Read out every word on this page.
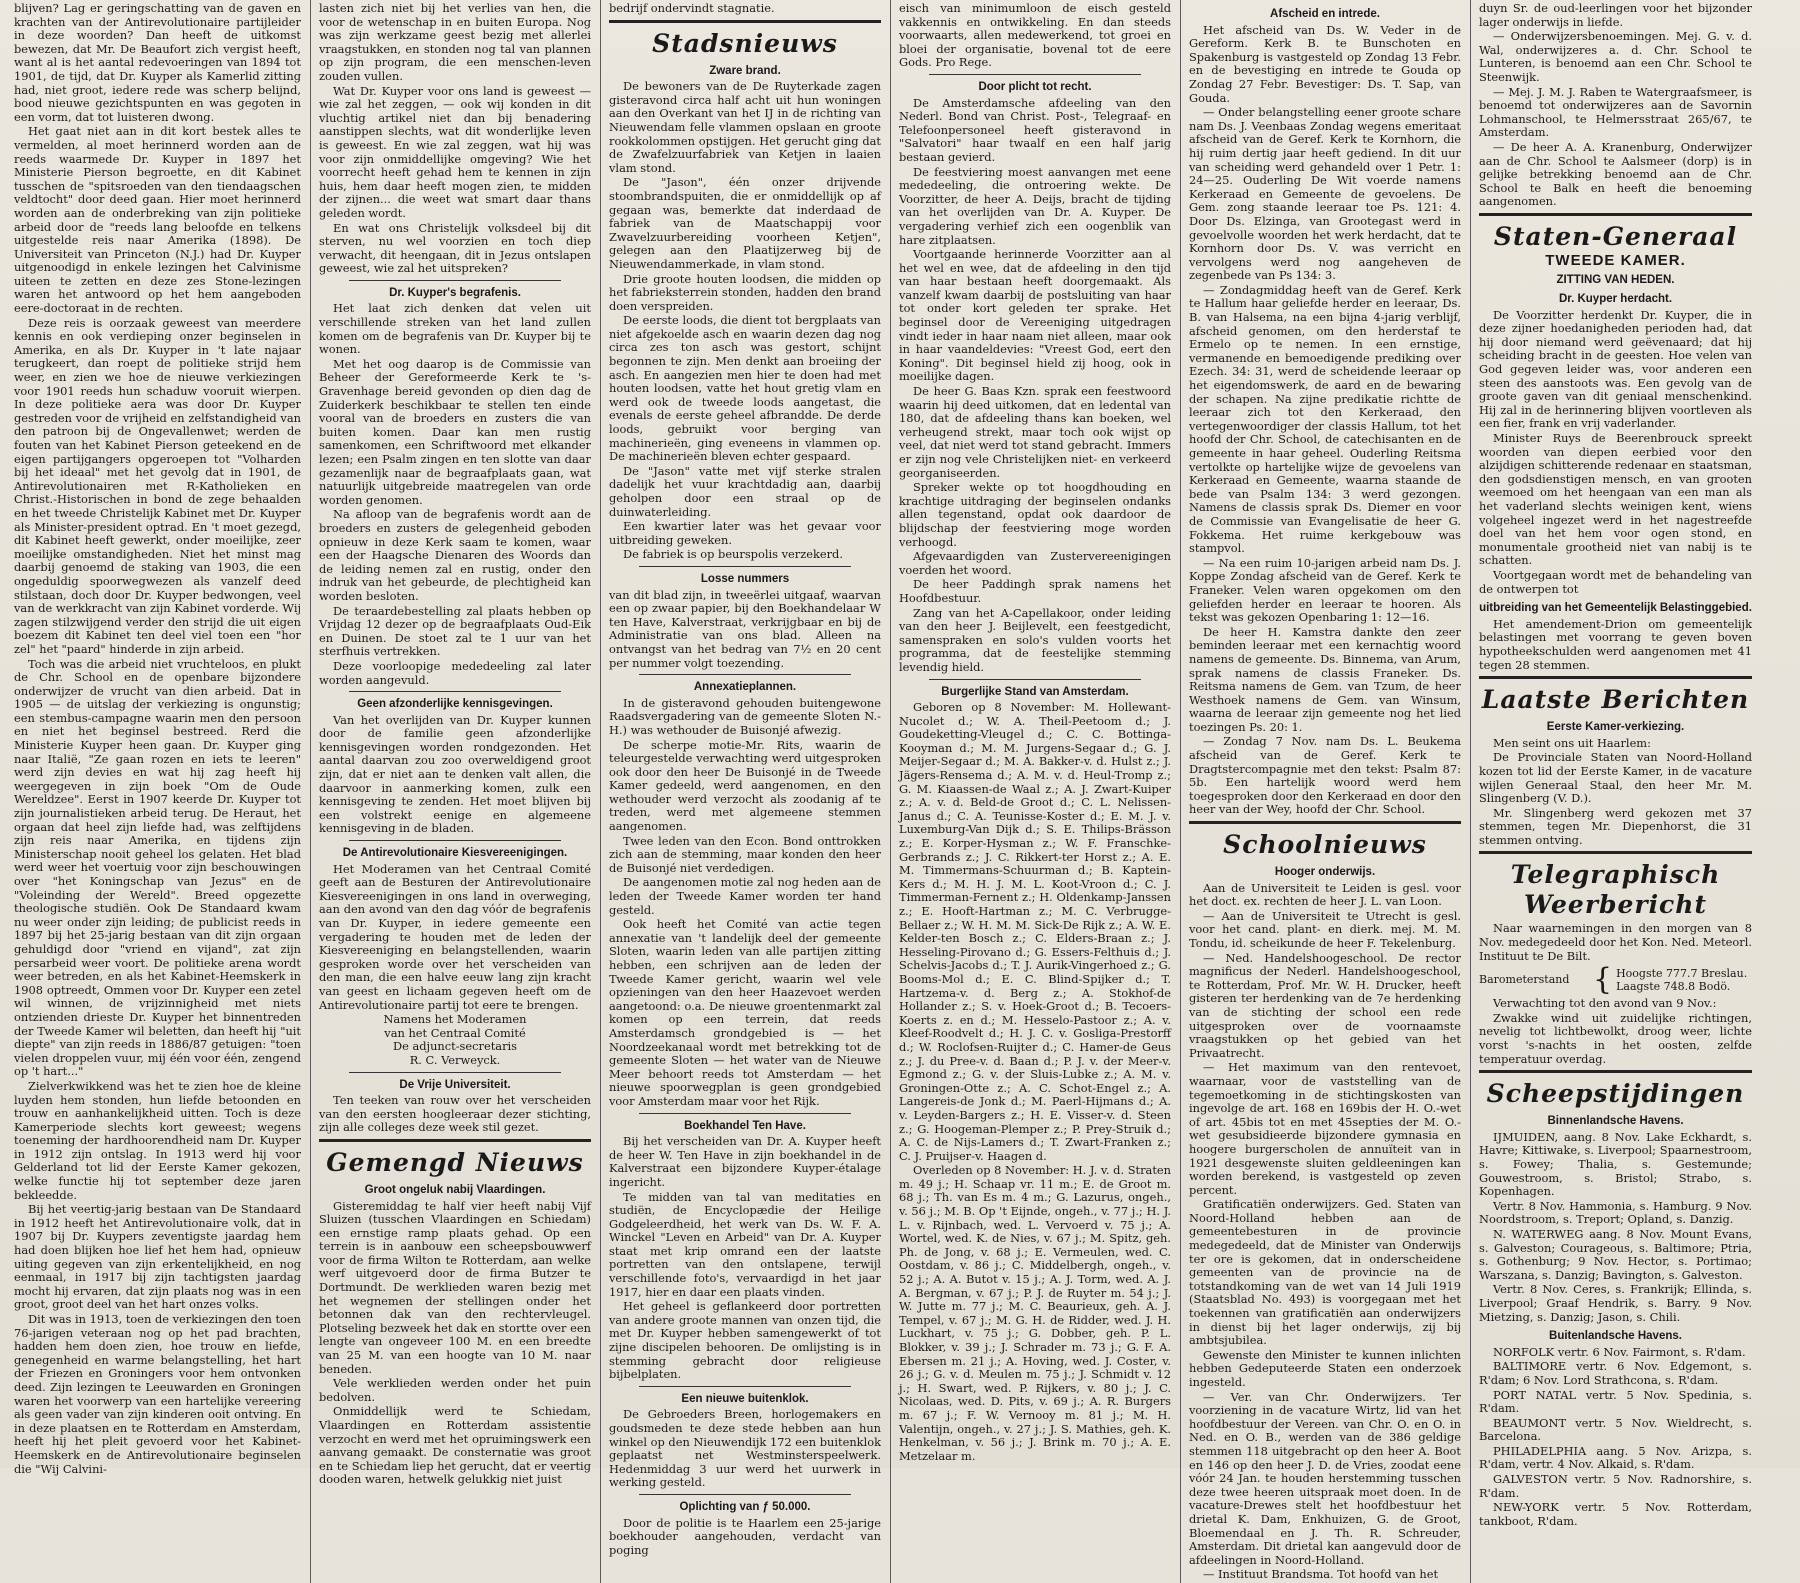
blijven? Lag er geringschatting van de gaven en krachten van der Antirevolutionaire partijleider in deze woorden? Dan heeft de uitkomst bewezen, dat Mr. De Beaufort zich vergist heeft, want al is het aantal redevoeringen van 1894 tot 1901, de tijd, dat Dr. Kuyper als Kamerlid zitting had, niet groot, iedere rede was scherp belijnd, bood nieuwe gezichtspunten en was gegoten in een vorm, dat tot luisteren dwong.

Het gaat niet aan in dit kort bestek alles te vermelden, al moet herinnerd worden aan de reeds waarmede Dr. Kuyper in 1897 het Ministerie Pierson begroette, en dit Kabinet tusschen de "spitsroeden van den tiendaagschen veldtocht" door deed gaan. Hier moet herinnerd worden aan de onderbreking van zijn politieke arbeid door de "reeds lang beloofde en telkens uitgestelde reis naar Amerika (1898). De Universiteit van Princeton (N.J.) had Dr. Kuyper uitgenoodigd in enkele lezingen het Calvinisme uiteen te zetten en deze zes Stone-lezingen waren het antwoord op het hem aangeboden eere-doctoraat in de rechten.

Deze reis is oorzaak geweest van meerdere kennis en ook verdieping onzer beginselen in Amerika, en als Dr. Kuyper in 't late najaar terugkeert, dan roept de politieke strijd hem weer, en zien we hoe de nieuwe verkiezingen voor 1901 reeds hun schaduw vooruit wierpen. In deze politieke aera was door Dr. Kuyper gestreden voor de vrijheid en zelfstandigheid van den patroon bij de Ongevallenwet; werden de fouten van het Kabinet Pierson geteekend en de eigen partijgangers opgeroepen tot "Volharden bij het ideaal" met het gevolg dat in 1901, de Antirevolutionairen met R-Katholieken en Christ.-Historischen in bond de zege behaalden en het tweede Christelijk Kabinet met Dr. Kuyper als Minister-president optrad. En 't moet gezegd, dit Kabinet heeft gewerkt, onder moeilijke, zeer moeilijke omstandigheden. Niet het minst mag daarbij genoemd de staking van 1903, die een ongeduldig spoorwegwezen als vanzelf deed stilstaan, doch door Dr. Kuyper bedwongen, veel van de werkkracht van zijn Kabinet vorderde. Wij zagen stilzwijgend verder den strijd die uit eigen boezem dit Kabinet ten deel viel toen een "hor zel" het "paard" hinderde in zijn arbeid.

Toch was die arbeid niet vruchteloos, en plukt de Chr. School en de openbare bijzondere onderwijzer de vrucht van dien arbeid. Dat in 1905 — de uitslag der verkiezing is ongunstig; een stembus-campagne waarin men den persoon en niet het beginsel bestreed. Rerd die Ministerie Kuyper heen gaan. Dr. Kuyper ging naar Italië, "Ze gaan rozen en iets te leeren" werd zijn devies en wat hij zag heeft hij weergegeven in zijn boek "Om de Oude Wereldzee". Eerst in 1907 keerde Dr. Kuyper tot zijn journalistieken arbeid terug. De Heraut, het orgaan dat heel zijn liefde had, was zelftijdens zijn reis naar Amerika, en tijdens zijn Ministerschap nooit geheel los gelaten. Het blad werd weer het voertuig voor zijn beschouwingen over "het Koningschap van Jezus" en de "Voleinding der Wereld". Breed opgezette theologische studiën. Ook De Standaard kwam nu weer onder zijn leiding; de publicist reeds in 1897 bij het 25-jarig bestaan van dit zijn orgaan gehuldigd door "vriend en vijand", zat zijn persarbeid weer voort. De politieke arena wordt weer betreden, en als het Kabinet-Heemskerk in 1908 optreedt, Ommen voor Dr. Kuyper een zetel wil winnen, de vrijzinnigheid met niets ontzienden drieste Dr. Kuyper het binnentreden der Tweede Kamer wil beletten, dan heeft hij "uit diepte" van zijn reeds in 1886/87 getuigen: "toen vielen droppelen vuur, mij één voor één, zengend op 't hart..."

Zielverkwikkend was het te zien hoe de kleine luyden hem stonden, hun liefde betoonden en trouw en aanhankelijkheid uitten. Toch is deze Kamerperiode slechts kort geweest; wegens toeneming der hardhoorendheid nam Dr. Kuyper in 1912 zijn ontslag. In 1913 werd hij voor Gelderland tot lid der Eerste Kamer gekozen, welke functie hij tot september deze jaren bekleedde.

Bij het veertig-jarig bestaan van De Standaard in 1912 heeft het Antirevolutionaire volk, dat in 1907 bij Dr. Kuypers zeventigste jaardag hem had doen blijken hoe lief het hem had, opnieuw uiting gegeven van zijn erkentelijkheid, en nog eenmaal, in 1917 bij zijn tachtigsten jaardag mocht hij ervaren, dat zijn plaats nog was in een groot, groot deel van het hart onzes volks.

Dit was in 1913, toen de verkiezingen den toen 76-jarigen veteraan nog op het pad brachten, hadden hem doen zien, hoe trouw en liefde, genegenheid en warme belangstelling, het hart der Friezen en Groningers voor hem ontvonken deed. Zijn lezingen te Leeuwarden en Groningen waren het voorwerp van een hartelijke vereering als geen vader van zijn kinderen ooit ontving. En in deze plaatsen en te Rotterdam en Amsterdam, heeft hij het pleit gevoerd voor het Kabinet-Heemskerk en de Antirevolutionaire beginselen die "Wij Calvini-

lasten zich niet bij het verlies van hen, die voor de wetenschap in en buiten Europa. Nog was zijn werkzame geest bezig met allerlei vraagstukken, en stonden nog tal van plannen op zijn program, die een menschen-leven zouden vullen.

Wat Dr. Kuyper voor ons land is geweest — wie zal het zeggen, — ook wij konden in dit vluchtig artikel niet dan bij benadering aanstippen slechts, wat dit wonderlijke leven is geweest. En wie zal zeggen, wat hij was voor zijn onmiddellijke omgeving? Wie het voorrecht heeft gehad hem te kennen in zijn huis, hem daar heeft mogen zien, te midden der zijnen... die weet wat smart daar thans geleden wordt.

En wat ons Christelijk volksdeel bij dit sterven, nu wel voorzien en toch diep verwacht, dit heengaan, dit in Jezus ontslapen geweest, wie zal het uitspreken?

Dr. Kuyper's begrafenis.

Het laat zich denken dat velen uit verschillende streken van het land zullen komen om de begrafenis van Dr. Kuyper bij te wonen.

Met het oog daarop is de Commissie van Beheer der Gereformeerde Kerk te 's-Gravenhage bereid gevonden op dien dag de Zuiderkerk beschikbaar te stellen ten einde vooral van de broeders en zusters die van buiten komen. Daar kan men rustig samenkomen, een Schriftwoord met elkander lezen; een Psalm zingen en ten slotte van daar gezamenlijk naar de begraafplaats gaan, wat natuurlijk uitgebreide maatregelen van orde worden genomen.

Na afloop van de begrafenis wordt aan de broeders en zusters de gelegenheid geboden opnieuw in deze Kerk saam te komen, waar een der Haagsche Dienaren des Woords dan de leiding nemen zal en rustig, onder den indruk van het gebeurde, de plechtigheid kan worden besloten.

De teraardebestelling zal plaats hebben op Vrijdag 12 dezer op de begraafplaats Oud-Eik en Duinen. De stoet zal te 1 uur van het sterfhuis vertrekken.

Deze voorloopige mededeeling zal later worden aangevuld.

Geen afzonderlijke kennisgevingen.

Van het overlijden van Dr. Kuyper kunnen door de familie geen afzonderlijke kennisgevingen worden rondgezonden. Het aantal daarvan zou zoo overweldigend groot zijn, dat er niet aan te denken valt allen, die daarvoor in aanmerking komen, zulk een kennisgeving te zenden. Het moet blijven bij een volstrekt eenige en algemeene kennisgeving in de bladen.

De Antirevolutionaire Kiesvereenigingen.

Het Moderamen van het Centraal Comité geeft aan de Besturen der Antirevolutionaire Kiesvereenigingen in ons land in overweging, aan den avond van den dag vóór de begrafenis van Dr. Kuyper, in iedere gemeente een vergadering te houden met de leden der Kiesvereeniging en belangstellenden, waarin gesproken worde over het verscheiden van den man, die een halve eeuw lang zijn kracht van geest en lichaam gegeven heeft om de Antirevolutionaire partij tot eere te brengen.

Namens het Moderamen

van het Centraal Comité

De adjunct-secretaris

R. C. Verweyck.

De Vrije Universiteit.

Ten teeken van rouw over het verscheiden van den eersten hoogleeraar dezer stichting, zijn alle colleges deze week stil gezet.

Gemengd Nieuws
Groot ongeluk nabij Vlaardingen.

Gisteremiddag te half vier heeft nabij Vijf Sluizen (tusschen Vlaardingen en Schiedam) een ernstige ramp plaats gehad. Op een terrein is in aanbouw een scheepsbouwwerf voor de firma Wilton te Rotterdam, aan welke werf uitgevoerd door de firma Butzer te Dortmundt. De werklieden waren bezig met het wegnemen der stellingen onder het betonnen dak van den rechtervleugel. Plotseling bezweek het dak en stortte over een lengte van ongeveer 100 M. en een breedte van 25 M. van een hoogte van 10 M. naar beneden.

Vele werklieden werden onder het puin bedolven.

Onmiddellijk werd te Schiedam, Vlaardingen en Rotterdam assistentie verzocht en werd met het opruimingswerk een aanvang gemaakt. De consternatie was groot en te Schiedam liep het gerucht, dat er veertig dooden waren, hetwelk gelukkig niet juist

bedrijf ondervindt stagnatie.

Stadsnieuws
Zware brand.

De bewoners van de De Ruyterkade zagen gisteravond circa half acht uit hun woningen aan den Overkant van het IJ in de richting van Nieuwendam felle vlammen opslaan en groote rookkolommen opstijgen. Het gerucht ging dat de Zwafelzuurfabriek van Ketjen in laaien vlam stond.

De "Jason", één onzer drijvende stoombrandspuiten, die er onmiddellijk op af gegaan was, bemerkte dat inderdaad de fabriek van de Maatschappij voor Zwavelzuurbereiding voorheen Ketjen", gelegen aan den Plaatijzerweg bij de Nieuwendammerkade, in vlam stond.

Drie groote houten loodsen, die midden op het fabrieksterrein stonden, hadden den brand doen verspreiden.

De eerste loods, die dient tot bergplaats van niet afgekoelde asch en waarin dezen dag nog circa zes ton asch was gestort, schijnt begonnen te zijn. Men denkt aan broeiing der asch. En aangezien men hier te doen had met houten loodsen, vatte het hout gretig vlam en werd ook de tweede loods aangetast, die evenals de eerste geheel afbrandde. De derde loods, gebruikt voor berging van machinerieën, ging eveneens in vlammen op. De machinerieën bleven echter gespaard.

De "Jason" vatte met vijf sterke stralen dadelijk het vuur krachtdadig aan, daarbij geholpen door een straal op de duinwaterleiding.

Een kwartier later was het gevaar voor uitbreiding geweken.

De fabriek is op beurspolis verzekerd.

Losse nummers

van dit blad zijn, in tweeërlei uitgaaf, waarvan een op zwaar papier, bij den Boekhandelaar W ten Have, Kalverstraat, verkrijgbaar en bij de Administratie van ons blad. Alleen na ontvangst van het bedrag van 7½ en 20 cent per nummer volgt toezending.

Annexatieplannen.

In de gisteravond gehouden buitengewone Raadsvergadering van de gemeente Sloten N.-H.) was wethouder de Buisonjé afwezig.

De scherpe motie-Mr. Rits, waarin de teleurgestelde verwachting werd uitgesproken ook door den heer De Buisonjé in de Tweede Kamer gedeeld, werd aangenomen, en den wethouder werd verzocht als zoodanig af te treden, werd met algemeene stemmen aangenomen.

Twee leden van den Econ. Bond onttrokken zich aan de stemming, maar konden den heer de Buisonjé niet verdedigen.

De aangenomen motie zal nog heden aan de leden der Tweede Kamer worden ter hand gesteld.

Ook heeft het Comité van actie tegen annexatie van 't landelijk deel der gemeente Sloten, waarin leden van alle partijen zitting hebben, een schrijven aan de leden der Tweede Kamer gericht, waarin wel vele opzieningen van den heer Haazevoet werden aangetoond: o.a. De nieuwe groentenmarkt zal komen op een terrein, dat reeds Amsterdamsch grondgebied is — het Noordzeekanaal wordt met betrekking tot de gemeente Sloten — het water van de Nieuwe Meer behoort reeds tot Amsterdam — het nieuwe spoorwegplan is geen grondgebied voor Amsterdam maar voor het Rijk.

Boekhandel Ten Have.

Bij het verscheiden van Dr. A. Kuyper heeft de heer W. Ten Have in zijn boekhandel in de Kalverstraat een bijzondere Kuyper-étalage ingericht.

Te midden van tal van meditaties en studiën, de Encyclopædie der Heilige Godgeleerdheid, het werk van Ds. W. F. A. Winckel "Leven en Arbeid" van Dr. A. Kuyper staat met krip omrand een der laatste portretten van den ontslapene, terwijl verschillende foto's, vervaardigd in het jaar 1917, hier en daar een plaats vinden.

Het geheel is geflankeerd door portretten van andere groote mannen van onzen tijd, die met Dr. Kuyper hebben samengewerkt of tot zijne discipelen behooren. De omlijsting is in stemming gebracht door religieuse bijbelplaten.

Een nieuwe buitenklok.

De Gebroeders Breen, horlogemakers en goudsmeden te deze stede hebben aan hun winkel op den Nieuwendijk 172 een buitenklok geplaatst net Westminsterspeelwerk. Hedenmiddag 3 uur werd het uurwerk in werking gesteld.

Oplichting van ƒ 50.000.

Door de politie is te Haarlem een 25-jarige boekhouder aangehouden, verdacht van poging

eisch van minimumloon de eisch gesteld vakkennis en ontwikkeling. En dan steeds voorwaarts, allen medewerkend, tot groei en bloei der organisatie, bovenal tot de eere Gods. Pro Rege.

Door plicht tot recht.

De Amsterdamsche afdeeling van den Nederl. Bond van Christ. Post-, Telegraaf- en Telefoonpersoneel heeft gisteravond in "Salvatori" haar twaalf en een half jarig bestaan gevierd.

De feestviering moest aanvangen met eene mededeeling, die ontroering wekte. De Voorzitter, de heer A. Deijs, bracht de tijding van het overlijden van Dr. A. Kuyper. De vergadering verhief zich een oogenblik van hare zitplaatsen.

Voortgaande herinnerde Voorzitter aan al het wel en wee, dat de afdeeling in den tijd van haar bestaan heeft doorgemaakt. Als vanzelf kwam daarbij de postsluiting van haar tot onder kort geleden ter sprake. Het beginsel door de Vereeniging uitgedragen vindt ieder in haar naam niet alleen, maar ook in haar vaandeldevies: "Vreest God, eert den Koning". Dit beginsel hield zij hoog, ook in moeilijke dagen.

De heer G. Baas Kzn. sprak een feestwoord waarin hij deed uitkomen, dat en ledental van 180, dat de afdeeling thans kan boeken, wel verheugend strekt, maar toch ook wijst op veel, dat niet werd tot stand gebracht. Immers er zijn nog vele Christelijken niet- en verkeerd georganiseerden.

Spreker wekte op tot hoogdhouding en krachtige uitdraging der beginselen ondanks allen tegenstand, opdat ook daardoor de blijdschap der feestviering moge worden verhoogd.

Afgevaardigden van Zustervereenigingen voerden het woord.

De heer Paddingh sprak namens het Hoofdbestuur.

Zang van het A-Capellakoor, onder leiding van den heer J. Beijlevelt, een feestgedicht, samenspraken en solo's vulden voorts het programma, dat de feestelijke stemming levendig hield.

Burgerlijke Stand van Amsterdam.

Geboren op 8 November: M. Hollewant-Nucolet d.; W. A. Theil-Peetoom d.; J. Goudeketting-Vleugel d.; C. C. Bottinga-Kooyman d.; M. M. Jurgens-Segaar d.; G. J. Meijer-Segaar d.; M. A. Bakker-v. d. Hulst z.; J. Jägers-Rensema d.; A. M. v. d. Heul-Tromp z.; G. M. Kiaassen-de Waal z.; A. J. Zwart-Kuiper z.; A. v. d. Beld-de Groot d.; C. L. Nelissen-Janus d.; C. A. Teunisse-Koster d.; E. M. J. v. Luxemburg-Van Dijk d.; S. E. Thilips-Brässon z.; E. Korper-Hysman z.; W. F. Franschke-Gerbrands z.; J. C. Rikkert-ter Horst z.; A. E. M. Timmermans-Schuurman d.; B. Kaptein-Kers d.; M. H. J. M. L. Koot-Vroon d.; C. J. Timmerman-Fernent z.; H. Oldenkamp-Janssen z.; E. Hooft-Hartman z.; M. C. Verbrugge-Bellaer z.; W. H. M. M. Sick-De Rijk z.; A. W. E. Kelder-ten Bosch z.; C. Elders-Braan z.; J. Hesseling-Pirovano d.; G. Essers-Felthuis d.; J. Schelvis-Jacobs d.; T. J. Aurik-Vingerhoed z.; G. Booms-Mol d.; E. C. Blind-Spijker d.; T. Hartzema-v. d. Berg z.; A. Stokhof-de Hollander z.; S. v. Hoek-Groot d.; B. Tecoers-Koerts z. en d.; M. Hesselo-Pastoor z.; A. v. Kleef-Roodvelt d.; H. J. C. v. Gosliga-Prestorff d.; W. Roclofsen-Ruijter d.; C. Hamer-de Geus z.; J. du Pree-v. d. Baan d.; P. J. v. der Meer-v. Egmond z.; G. v. der Sluis-Lubke z.; A. M. v. Groningen-Otte z.; A. C. Schot-Engel z.; A. Langereis-de Jonk d.; M. Paerl-Hijmans d.; A. v. Leyden-Bargers z.; H. E. Visser-v. d. Steen z.; G. Hoogeman-Plemper z.; P. Prey-Struik d.; A. C. de Nijs-Lamers d.; T. Zwart-Franken z.; C. J. Pruijser-v. Haagen d.

Overleden op 8 November: H. J. v. d. Straten m. 49 j.; H. Schaap vr. 11 m.; E. de Groot m. 68 j.; Th. van Es m. 4 m.; G. Lazurus, ongeh., v. 56 j.; M. B. Op 't Eijnde, ongeh., v. 77 j.; H. J. L. v. Rijnbach, wed. L. Vervoerd v. 75 j.; A. Wortel, wed. K. de Nies, v. 67 j.; M. Spitz, geh. Ph. de Jong, v. 68 j.; E. Vermeulen, wed. C. Oostdam, v. 86 j.; C. Middelbergh, ongeh., v. 52 j.; A. A. Butot v. 15 j.; A. J. Torm, wed. A. J. A. Bergman, v. 67 j.; P. J. de Ruyter m. 54 j.; J. W. Jutte m. 77 j.; M. C. Beaurieux, geh. A. J. Tempel, v. 67 j.; M. G. H. de Ridder, wed. J. H. Luckhart, v. 75 j.; G. Dobber, geh. P. L. Blokker, v. 39 j.; J. Schrader m. 73 j.; G. F. A. Ebersen m. 21 j.; A. Hoving, wed. J. Coster, v. 26 j.; G. v. d. Meulen m. 75 j.; J. Schmidt v. 12 j.; H. Swart, wed. P. Rijkers, v. 80 j.; J. C. Nicolaas, wed. D. Pits, v. 69 j.; A. R. Burgers m. 67 j.; F. W. Vernooy m. 81 j.; M. H. Valentijn, ongeh., v. 27 j.; J. S. Mathies, geh. K. Henkelman, v. 56 j.; J. Brink m. 70 j.; A. E. Metzelaar m.

Afscheid en intrede.

Het afscheid van Ds. W. Veder in de Gereform. Kerk B. te Bunschoten en Spakenburg is vastgesteld op Zondag 13 Febr. en de bevestiging en intrede te Gouda op Zondag 27 Febr. Bevestiger: Ds. T. Sap, van Gouda.

— Onder belangstelling eener groote schare nam Ds. J. Veenbaas Zondag wegens emeritaat afscheid van de Geref. Kerk te Kornhorn, die hij ruim dertig jaar heeft gediend. In dit uur van scheiding werd gehandeld over 1 Petr. 1: 24—25. Ouderling De Wit voerde namens Kerkeraad en Gemeente de gevoelens. De Gem. zong staande leeraar toe Ps. 121: 4. Door Ds. Elzinga, van Grootegast werd in gevoelvolle woorden het werk herdacht, dat te Kornhorn door Ds. V. was verricht en vervolgens werd nog aangeheven de zegenbede van Ps 134: 3.

— Zondagmiddag heeft van de Geref. Kerk te Hallum haar geliefde herder en leeraar, Ds. B. van Halsema, na een bijna 4-jarig verblijf, afscheid genomen, om den herderstaf te Ermelo op te nemen. In een ernstige, vermanende en bemoedigende prediking over Ezech. 34: 31, werd de scheidende leeraar op het eigendomswerk, de aard en de bewaring der schapen. Na zijne predikatie richtte de leeraar zich tot den Kerkeraad, den vertegenwoordiger der classis Hallum, tot het hoofd der Chr. School, de catechisanten en de gemeente in haar geheel. Ouderling Reitsma vertolkte op hartelijke wijze de gevoelens van Kerkeraad en Gemeente, waarna staande de bede van Psalm 134: 3 werd gezongen. Namens de classis sprak Ds. Diemer en voor de Commissie van Evangelisatie de heer G. Fokkema. Het ruime kerkgebouw was stampvol.

— Na een ruim 10-jarigen arbeid nam Ds. J. Koppe Zondag afscheid van de Geref. Kerk te Franeker. Velen waren opgekomen om den geliefden herder en leeraar te hooren. Als tekst was gekozen Openbaring 1: 12—16.

De heer H. Kamstra dankte den zeer beminden leeraar met een kernachtig woord namens de gemeente. Ds. Binnema, van Arum, sprak namens de classis Franeker. Ds. Reitsma namens de Gem. van Tzum, de heer Westhoek namens de Gem. van Winsum, waarna de leeraar zijn gemeente nog het lied toezingen Ps. 20: 1.

— Zondag 7 Nov. nam Ds. L. Beukema afscheid van de Geref. Kerk te Dragtstercompagnie met den tekst: Psalm 87: 5b. Een hartelijk woord werd hem toegesproken door den Kerkeraad en door den heer van der Wey, hoofd der Chr. School.

Schoolnieuws
Hooger onderwijs.

Aan de Universiteit te Leiden is gesl. voor het doct. ex. rechten de heer J. L. van Loon.

— Aan de Universiteit te Utrecht is gesl. voor het cand. plant- en dierk. mej. M. M. Tondu, id. scheikunde de heer F. Tekelenburg.

— Ned. Handelshoogeschool. De rector magnificus der Nederl. Handelshoogeschool, te Rotterdam, Prof. Mr. W. H. Drucker, heeft gisteren ter herdenking van de 7e herdenking van de stichting der school een rede uitgesproken over de voornaamste vraagstukken op het gebied van het Privaatrecht.

— Het maximum van den rentevoet, waarnaar, voor de vaststelling van de tegemoetkoming in de stichtingskosten van ingevolge de art. 168 en 169bis der H. O.-wet of art. 45bis tot en met 45septies der M. O.-wet gesubsidieerde bijzondere gymnasia en hoogere burgerscholen de annuïteit van in 1921 desgewenste sluiten geldleeningen kan worden berekend, is vastgesteld op zeven percent.

Gratificatiën onderwijzers. Ged. Staten van Noord-Holland hebben aan de gemeentebesturen in de provincie medegedeeld, dat de Minister van Onderwijs ter ore is gekomen, dat in onderscheidene gemeenten van de provincie na de totstandkoming van de wet van 14 Juli 1919 (Staatsblad No. 493) is voorgegaan met het toekennen van gratificatiën aan onderwijzers in dienst bij het lager onderwijs, zij bij ambtsjubilea.

Gewenste den Minister te kunnen inlichten hebben Gedeputeerde Staten een onderzoek ingesteld.

— Ver. van Chr. Onderwijzers. Ter voorziening in de vacature Wirtz, lid van het hoofdbestuur der Vereen. van Chr. O. en O. in Ned. en O. B., werden van de 386 geldige stemmen 118 uitgebracht op den heer A. Boot en 146 op den heer J. D. de Vries, zoodat eene vóór 24 Jan. te houden herstemming tusschen deze twee heeren uitspraak moet doen. In de vacature-Drewes stelt het hoofdbestuur het drietal K. Dam, Enkhuizen, G. de Groot, Bloemendaal en J. Th. R. Schreuder, Amsterdam. Dit drietal kan aangevuld door de afdeelingen in Noord-Holland.

— Instituut Brandsma. Tot hoofd van het

duyn Sr. de oud-leerlingen voor het bijzonder lager onderwijs in liefde.

— Onderwijzersbenoemingen. Mej. G. v. d. Wal, onderwijzeres a. d. Chr. School te Lunteren, is benoemd aan een Chr. School te Steenwijk.

— Mej. J. M. J. Raben te Watergraafsmeer, is benoemd tot onderwijzeres aan de Savornin Lohmanschool, te Helmersstraat 265/67, te Amsterdam.

— De heer A. A. Kranenburg, Onderwijzer aan de Chr. School te Aalsmeer (dorp) is in gelijke betrekking benoemd aan de Chr. School te Balk en heeft die benoeming aangenomen.

Staten-Generaal
TWEEDE KAMER.
ZITTING VAN HEDEN.
Dr. Kuyper herdacht.

De Voorzitter herdenkt Dr. Kuyper, die in deze zijner hoedanigheden perioden had, dat hij door niemand werd geëvenaard; dat hij scheiding bracht in de geesten. Hoe velen van God gegeven leider was, voor anderen een steen des aanstoots was. Een gevolg van de groote gaven van dit geniaal menschenkind. Hij zal in de herinnering blijven voortleven als een fier, frank en vrij vaderlander.

Minister Ruys de Beerenbrouck spreekt woorden van diepen eerbied voor den alzijdigen schitterende redenaar en staatsman, den godsdienstigen mensch, en van grooten weemoed om het heengaan van een man als het vaderland slechts weinigen kent, wiens volgeheel ingezet werd in het nagestreefde doel van het hem voor ogen stond, en monumentale grootheid niet van nabij is te schatten.

Voortgegaan wordt met de behandeling van de ontwerpen tot

uitbreiding van het Gemeentelijk Belastinggebied.

Het amendement-Drion om gemeentelijk belastingen met voorrang te geven boven hypotheekschulden werd aangenomen met 41 tegen 28 stemmen.

Laatste Berichten
Eerste Kamer-verkiezing.

Men seint ons uit Haarlem:

De Provinciale Staten van Noord-Holland kozen tot lid der Eerste Kamer, in de vacature wijlen Generaal Staal, den heer Mr. M. Slingenberg (V. D.).

Mr. Slingenberg werd gekozen met 37 stemmen, tegen Mr. Diepenhorst, die 31 stemmen ontving.

Telegraphisch Weerbericht

Naar waarnemingen in den morgen van 8 Nov. medegedeeld door het Kon. Ned. Meteorl. Instituut te De Bilt.

Barometerstand { Hoogste 777.7 Breslau.
Laagste 748.8 Bodö.

Verwachting tot den avond van 9 Nov.:

Zwakke wind uit zuidelijke richtingen, nevelig tot lichtbewolkt, droog weer, lichte vorst 's-nachts in het oosten, zelfde temperatuur overdag.

Scheepstijdingen
Binnenlandsche Havens.

IJMUIDEN, aang. 8 Nov. Lake Eckhardt, s. Havre; Kittiwake, s. Liverpool; Spaarnestroom, s. Fowey; Thalia, s. Gestemunde; Gouwestroom, s. Bristol; Strabo, s. Kopenhagen.

Vertr. 8 Nov. Hammonia, s. Hamburg. 9 Nov. Noordstroom, s. Treport; Opland, s. Danzig.

N. WATERWEG aang. 8 Nov. Mount Evans, s. Galveston; Courageous, s. Baltimore; Ptria, s. Gothenburg; 9 Nov. Hector, s. Portimao; Warszana, s. Danzig; Bavington, s. Galveston.

Vertr. 8 Nov. Ceres, s. Frankrijk; Ellinda, s. Liverpool; Graaf Hendrik, s. Barry. 9 Nov. Mietzing, s. Danzig; Jason, s. Chili.

Buitenlandsche Havens.

NORFOLK vertr. 6 Nov. Fairmont, s. R'dam.

BALTIMORE vertr. 6 Nov. Edgemont, s. R'dam; 6 Nov. Lord Strathcona, s. R'dam.

PORT NATAL vertr. 5 Nov. Spedinia, s. R'dam.

BEAUMONT vertr. 5 Nov. Wieldrecht, s. Barcelona.

PHILADELPHIA aang. 5 Nov. Arizpa, s. R'dam, vertr. 4 Nov. Alkaid, s. R'dam.

GALVESTON vertr. 5 Nov. Radnorshire, s. R'dam.

NEW-YORK vertr. 5 Nov. Rotterdam, tankboot, R'dam.
